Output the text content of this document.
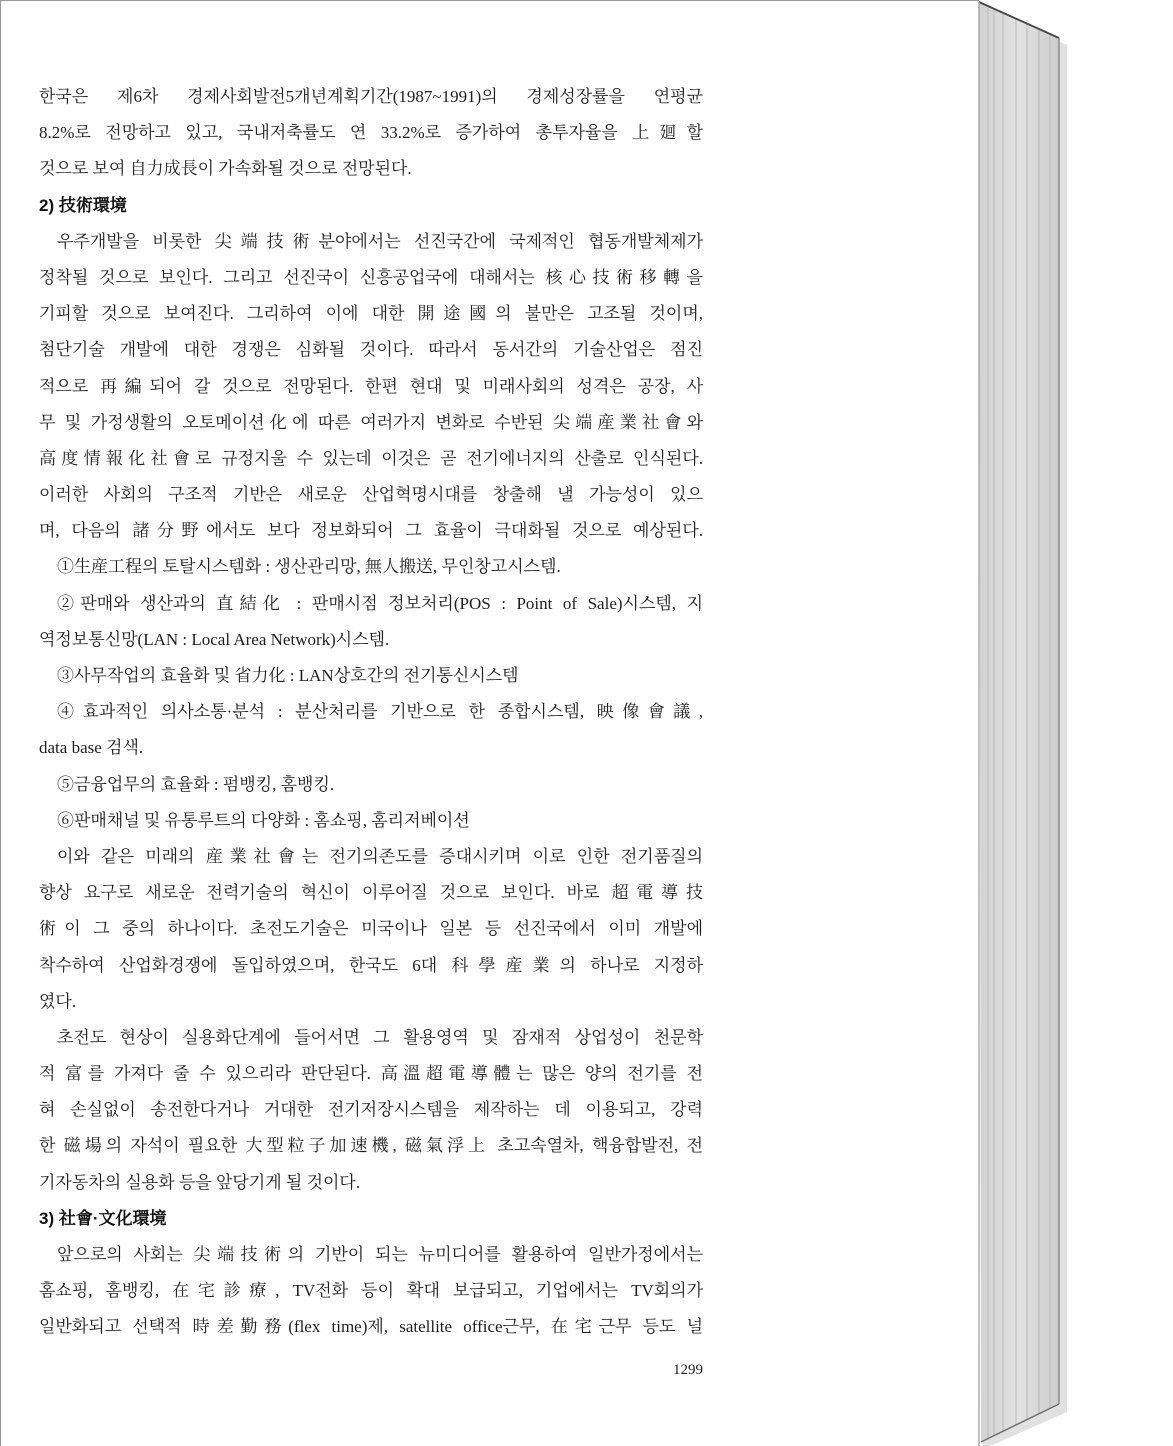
한국은 제6차 경제사회발전5개년계획기간(1987~1991)의 경제성장률을 연평균
8.2%로 전망하고 있고, 국내저축률도 연 33.2%로 증가하여 총투자율을 上廻할
것으로 보여 自力成長이 가속화될 것으로 전망된다.
2) 技術環境
우주개발을 비롯한 尖端技術분야에서는 선진국간에 국제적인 협동개발체제가
정착될 것으로 보인다. 그리고 선진국이 신흥공업국에 대해서는 核心技術移轉을
기피할 것으로 보여진다. 그리하여 이에 대한 開途國의 불만은 고조될 것이며,
첨단기술 개발에 대한 경쟁은 심화될 것이다. 따라서 동서간의 기술산업은 점진
적으로 再編되어 갈 것으로 전망된다. 한편 현대 및 미래사회의 성격은 공장, 사
무 및 가정생활의 오토메이션化에 따른 여러가지 변화로 수반된 尖端産業社會와
高度情報化社會로 규정지울 수 있는데 이것은 곧 전기에너지의 산출로 인식된다.
이러한 사회의 구조적 기반은 새로운 산업혁명시대를 창출해 낼 가능성이 있으
며, 다음의 諸分野에서도 보다 정보화되어 그 효율이 극대화될 것으로 예상된다.
①生産工程의 토탈시스템화 : 생산관리망, 無人搬送, 무인창고시스템.
②판매와 생산과의 直結化 : 판매시점 정보처리(POS : Point of Sale)시스템, 지
역정보통신망(LAN : Local Area Network)시스템.
③사무작업의 효율화 및 省力化 : LAN상호간의 전기통신시스템
④효과적인 의사소통·분석 : 분산처리를 기반으로 한 종합시스템, 映像會議,
data base 검색.
⑤금융업무의 효율화 : 펌뱅킹, 홈뱅킹.
⑥판매채널 및 유통루트의 다양화 : 홈쇼핑, 홈리저베이션
이와 같은 미래의 産業社會는 전기의존도를 증대시키며 이로 인한 전기품질의
향상 요구로 새로운 전력기술의 혁신이 이루어질 것으로 보인다. 바로 超電導技
術이 그 중의 하나이다. 초전도기술은 미국이나 일본 등 선진국에서 이미 개발에
착수하여 산업화경쟁에 돌입하였으며, 한국도 6대 科學産業의 하나로 지정하
였다.
초전도 현상이 실용화단계에 들어서면 그 활용영역 및 잠재적 상업성이 천문학
적 富를 가져다 줄 수 있으리라 판단된다. 高溫超電導體는 많은 양의 전기를 전
혀 손실없이 송전한다거나 거대한 전기저장시스템을 제작하는 데 이용되고, 강력
한 磁場의 자석이 필요한 大型粒子加速機, 磁氣浮上 초고속열차, 핵융합발전, 전
기자동차의 실용화 등을 앞당기게 될 것이다.
3) 社會·文化環境
앞으로의 사회는 尖端技術의 기반이 되는 뉴미디어를 활용하여 일반가정에서는
홈쇼핑, 홈뱅킹, 在宅診療, TV전화 등이 확대 보급되고, 기업에서는 TV회의가
일반화되고 선택적 時差勤務(flex time)제, satellite office근무, 在宅근무 등도 널
1299
